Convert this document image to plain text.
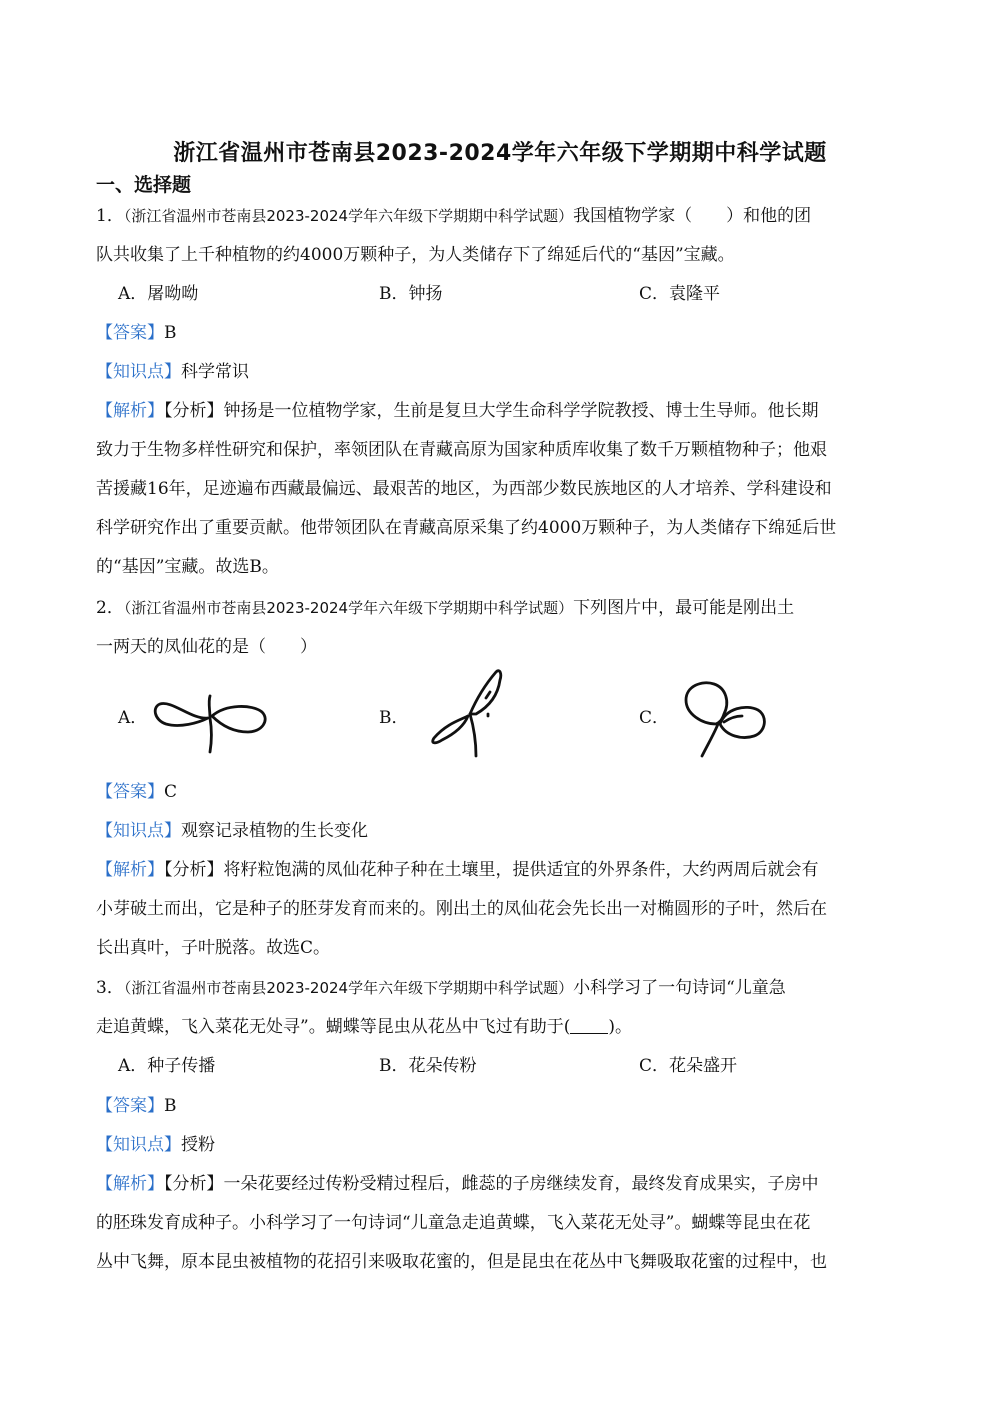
浙江省温州市苍南县2023-2024学年六年级下学期期中科学试题
一、选择题
1．（浙江省温州市苍南县2023-2024学年六年级下学期期中科学试题）我国植物学家（　　）和他的团
队共收集了上千种植物的约4000万颗种子，为人类储存下了绵延后代的“基因”宝藏。
A．屠呦呦	B．钟扬	C．袁隆平
【答案】B
【知识点】科学常识
【解析】【分析】钟扬是一位植物学家，生前是复旦大学生命科学学院教授、博士生导师。他长期
致力于生物多样性研究和保护，率领团队在青藏高原为国家种质库收集了数千万颗植物种子；他艰
苦援藏16年，足迹遍布西藏最偏远、最艰苦的地区，为西部少数民族地区的人才培养、学科建设和
科学研究作出了重要贡献。他带领团队在青藏高原采集了约4000万颗种子，为人类储存下绵延后世
的“基因”宝藏。故选B。
2．（浙江省温州市苍南县2023-2024学年六年级下学期期中科学试题）下列图片中，最可能是刚出土
一两天的凤仙花的是（　　）
A．	B．	C．
【答案】C
【知识点】观察记录植物的生长变化
【解析】【分析】将籽粒饱满的凤仙花种子种在土壤里，提供适宜的外界条件，大约两周后就会有
小芽破土而出，它是种子的胚芽发育而来的。刚出土的凤仙花会先长出一对椭圆形的子叶，然后在
长出真叶，子叶脱落。故选C。
3．（浙江省温州市苍南县2023-2024学年六年级下学期期中科学试题）小科学习了一句诗词“儿童急
走追黄蝶，飞入菜花无处寻”。蝴蝶等昆虫从花丛中飞过有助于( )。
A．种子传播	B．花朵传粉	C．花朵盛开
【答案】B
【知识点】授粉
【解析】【分析】一朵花要经过传粉受精过程后，雌蕊的子房继续发育，最终发育成果实，子房中
的胚珠发育成种子。小科学习了一句诗词“儿童急走追黄蝶，飞入菜花无处寻”。蝴蝶等昆虫在花
丛中飞舞，原本昆虫被植物的花招引来吸取花蜜的，但是昆虫在花丛中飞舞吸取花蜜的过程中，也
